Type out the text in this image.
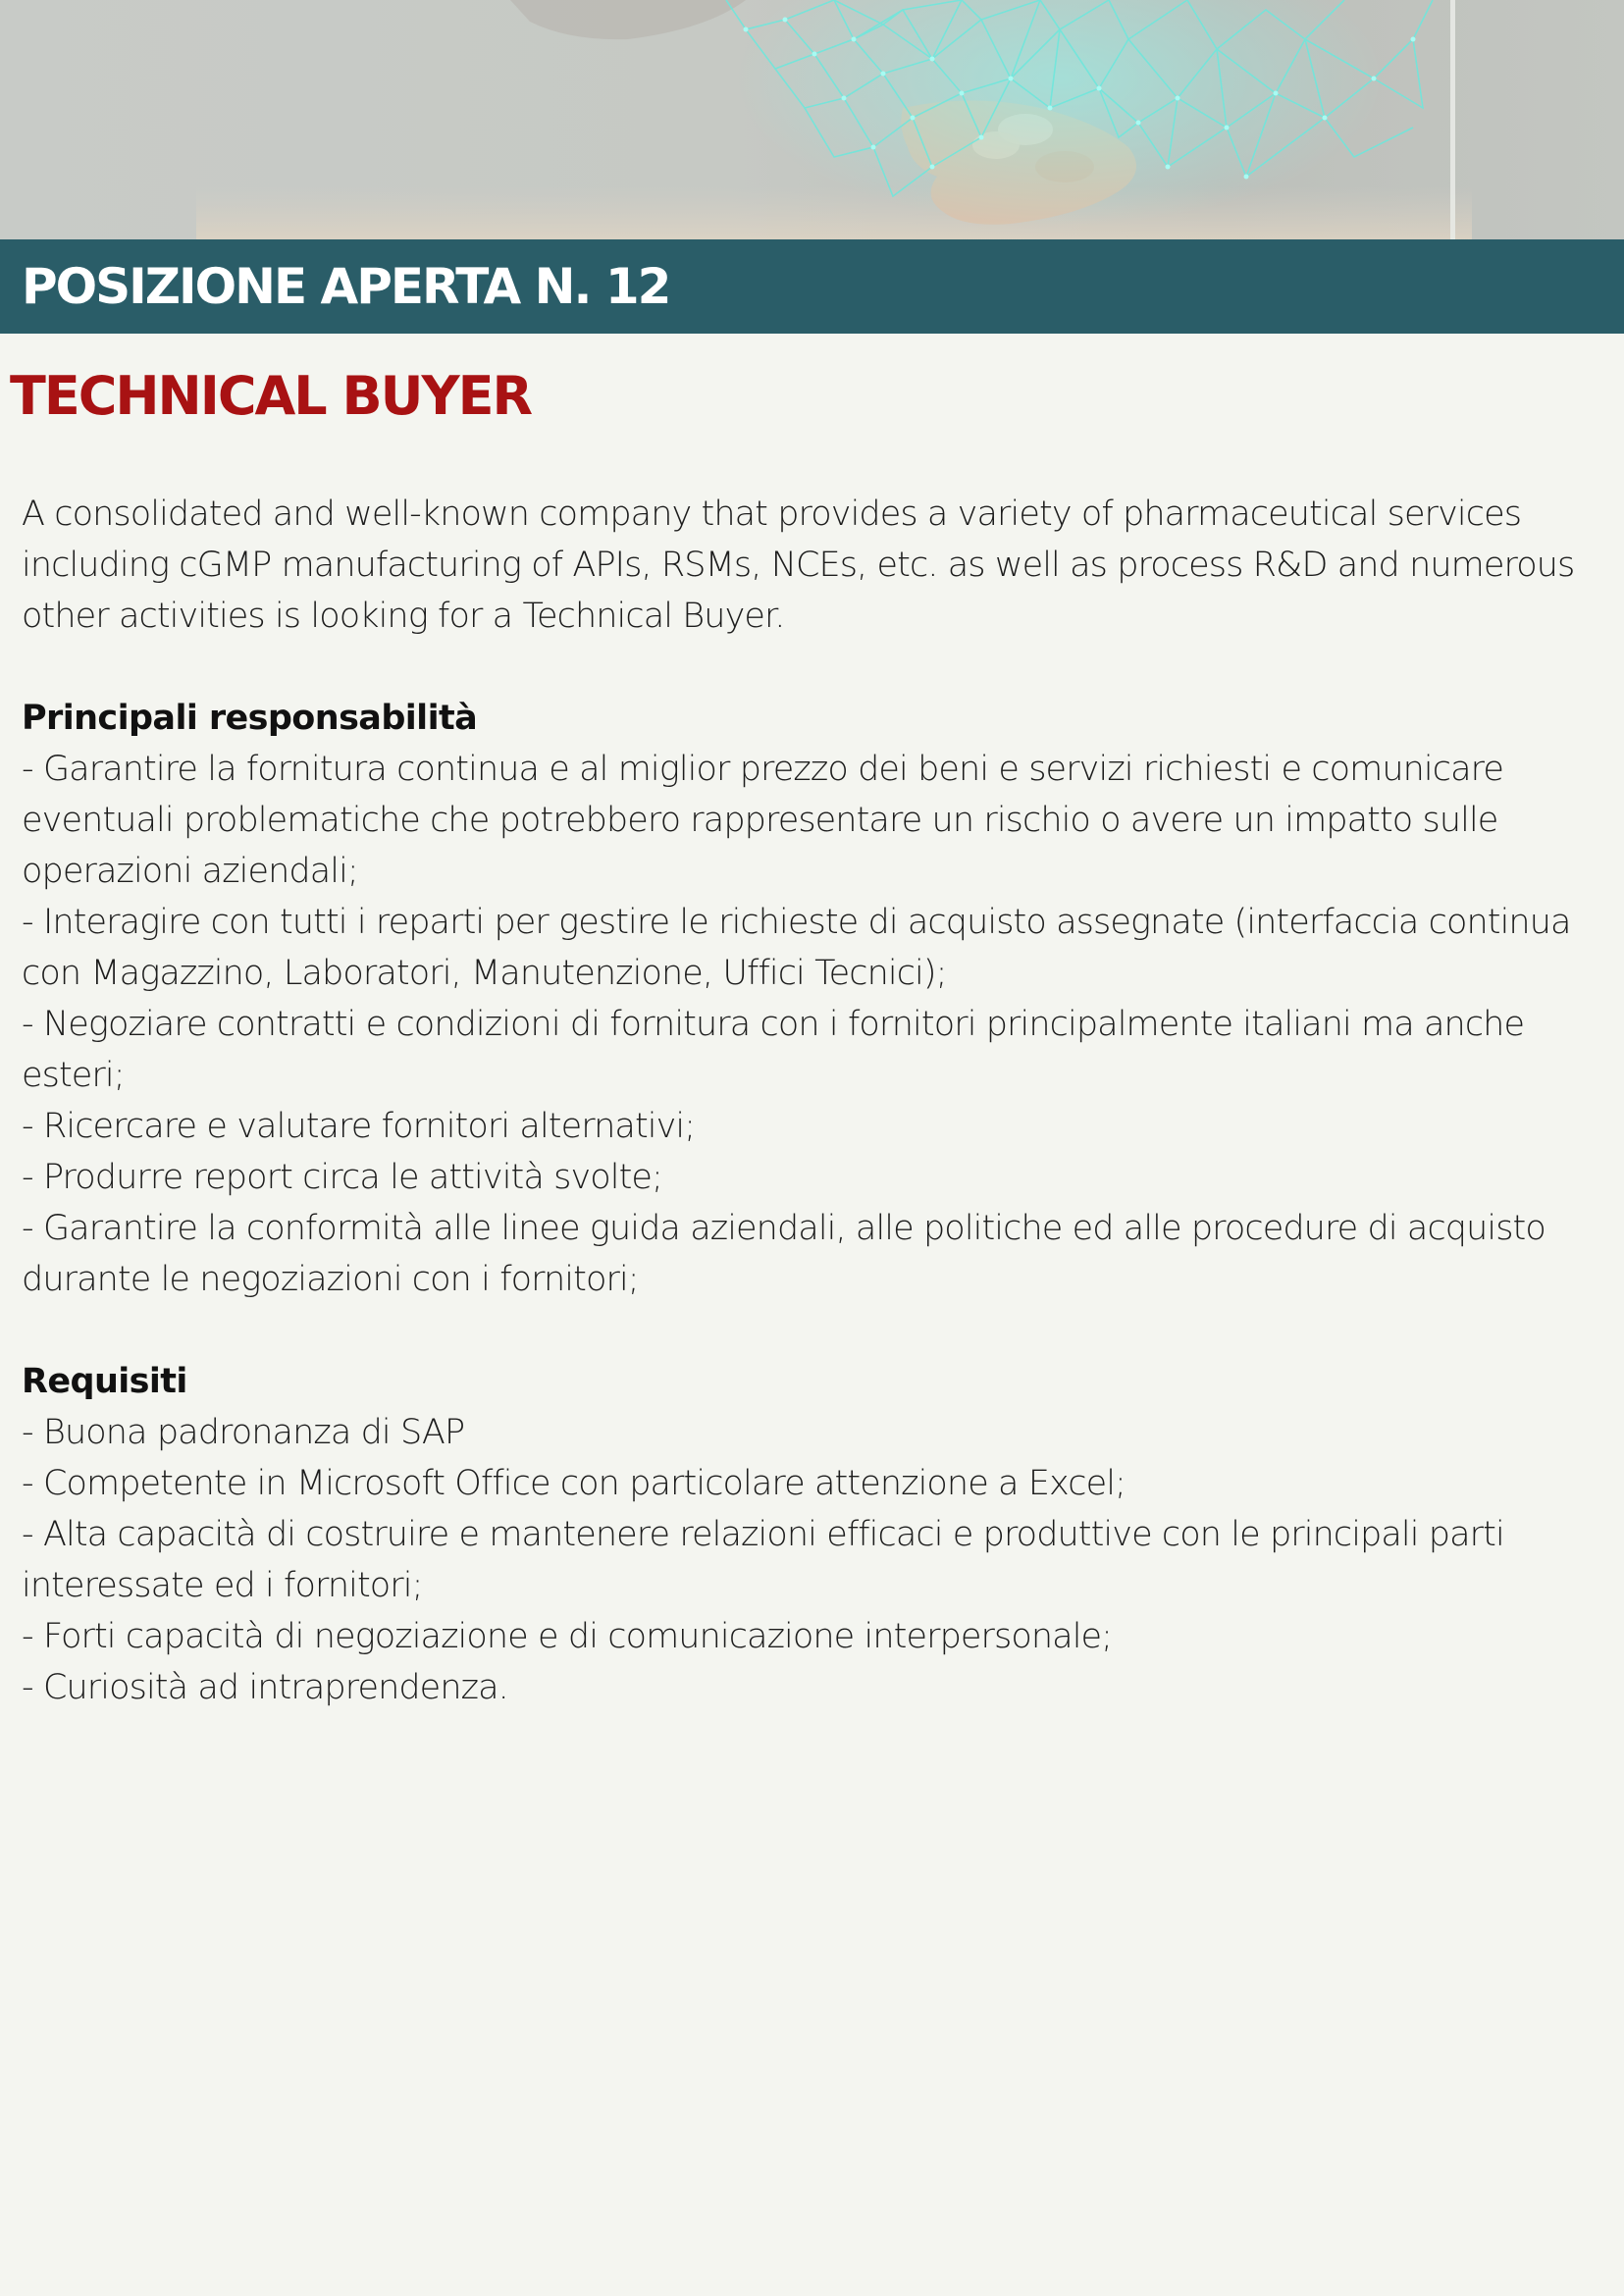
POSIZIONE APERTA N. 12
TECHNICAL BUYER

A consolidated and well-known company that provides a variety of pharmaceutical services including cGMP manufacturing of APIs, RSMs, NCEs, etc. as well as process R&D and numerous other activities is looking for a Technical Buyer.

Principali responsabilità
- Garantire la fornitura continua e al miglior prezzo dei beni e servizi richiesti e comunicare eventuali problematiche che potrebbero rappresentare un rischio o avere un impatto sulle operazioni aziendali;
- Interagire con tutti i reparti per gestire le richieste di acquisto assegnate (interfaccia continua con Magazzino, Laboratori, Manutenzione, Uffici Tecnici);
- Negoziare contratti e condizioni di fornitura con i fornitori principalmente italiani ma anche esteri;
- Ricercare e valutare fornitori alternativi;
- Produrre report circa le attività svolte;
- Garantire la conformità alle linee guida aziendali, alle politiche ed alle procedure di acquisto durante le negoziazioni con i fornitori;
Requisiti
- Buona padronanza di SAP
- Competente in Microsoft Office con particolare attenzione a Excel;
- Alta capacità di costruire e mantenere relazioni efficaci e produttive con le principali parti interessate ed i fornitori;
- Forti capacità di negoziazione e di comunicazione interpersonale;
- Curiosità ad intraprendenza.
